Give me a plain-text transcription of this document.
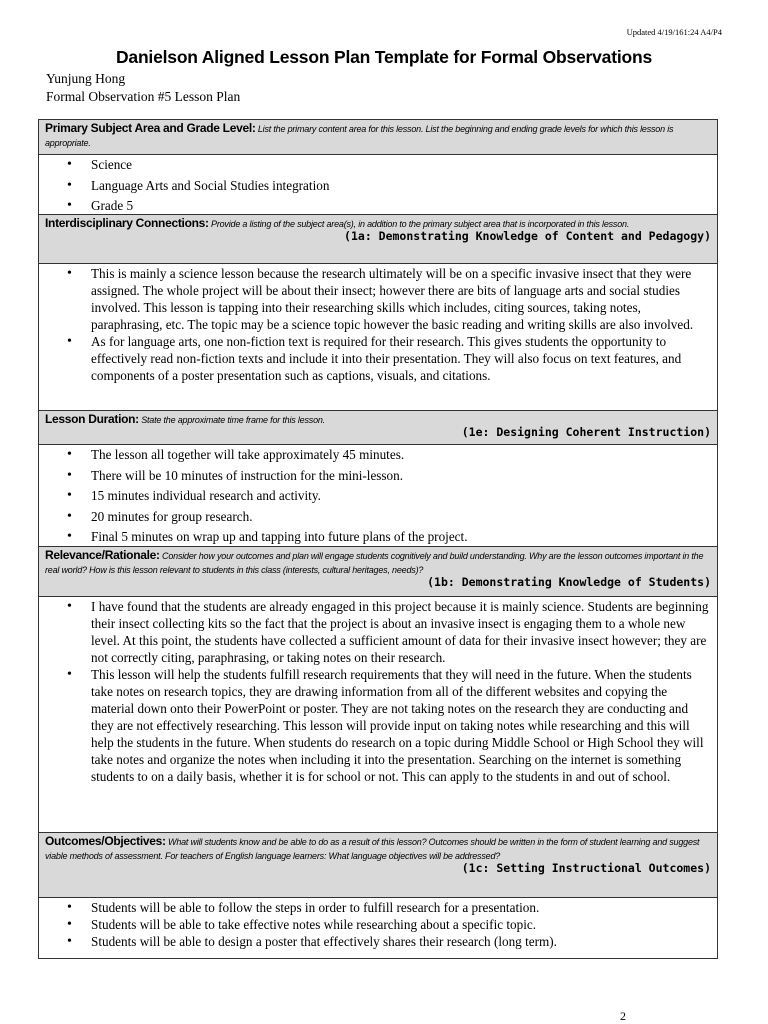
Updated 4/19/161:24 A4/P4
Danielson Aligned Lesson Plan Template for Formal Observations
Yunjung Hong
Formal Observation #5 Lesson Plan
Primary Subject Area and Grade Level: List the primary content area for this lesson. List the beginning and ending grade levels for which this lesson is appropriate.
• Science
• Language Arts and Social Studies integration
• Grade 5
Interdisciplinary Connections: Provide a listing of the subject area(s), in addition to the primary subject area that is incorporated in this lesson.
(1a: Demonstrating Knowledge of Content and Pedagogy)
• This is mainly a science lesson because the research ultimately will be on a specific invasive insect that they were assigned. The whole project will be about their insect; however there are bits of language arts and social studies involved. This lesson is tapping into their researching skills which includes, citing sources, taking notes, paraphrasing, etc. The topic may be a science topic however the basic reading and writing skills are also involved.
• As for language arts, one non-fiction text is required for their research. This gives students the opportunity to effectively read non-fiction texts and include it into their presentation. They will also focus on text features, and components of a poster presentation such as captions, visuals, and citations.
Lesson Duration: State the approximate time frame for this lesson.
(1e: Designing Coherent Instruction)
• The lesson all together will take approximately 45 minutes.
• There will be 10 minutes of instruction for the mini-lesson.
• 15 minutes individual research and activity.
• 20 minutes for group research.
• Final 5 minutes on wrap up and tapping into future plans of the project.
Relevance/Rationale: Consider how your outcomes and plan will engage students cognitively and build understanding. Why are the lesson outcomes important in the real world? How is this lesson relevant to students in this class (interests, cultural heritages, needs)?
(1b: Demonstrating Knowledge of Students)
• I have found that the students are already engaged in this project because it is mainly science. Students are beginning their insect collecting kits so the fact that the project is about an invasive insect is engaging them to a whole new level. At this point, the students have collected a sufficient amount of data for their invasive insect however; they are not correctly citing, paraphrasing, or taking notes on their research.
• This lesson will help the students fulfill research requirements that they will need in the future. When the students take notes on research topics, they are drawing information from all of the different websites and copying the material down onto their PowerPoint or poster. They are not taking notes on the research they are conducting and they are not effectively researching. This lesson will provide input on taking notes while researching and this will help the students in the future. When students do research on a topic during Middle School or High School they will take notes and organize the notes when including it into the presentation. Searching on the internet is something students to on a daily basis, whether it is for school or not. This can apply to the students in and out of school.
Outcomes/Objectives: What will students know and be able to do as a result of this lesson? Outcomes should be written in the form of student learning and suggest viable methods of assessment. For teachers of English language learners: What language objectives will be addressed?
(1c: Setting Instructional Outcomes)
• Students will be able to follow the steps in order to fulfill research for a presentation.
• Students will be able to take effective notes while researching about a specific topic.
• Students will be able to design a poster that effectively shares their research (long term).
2
